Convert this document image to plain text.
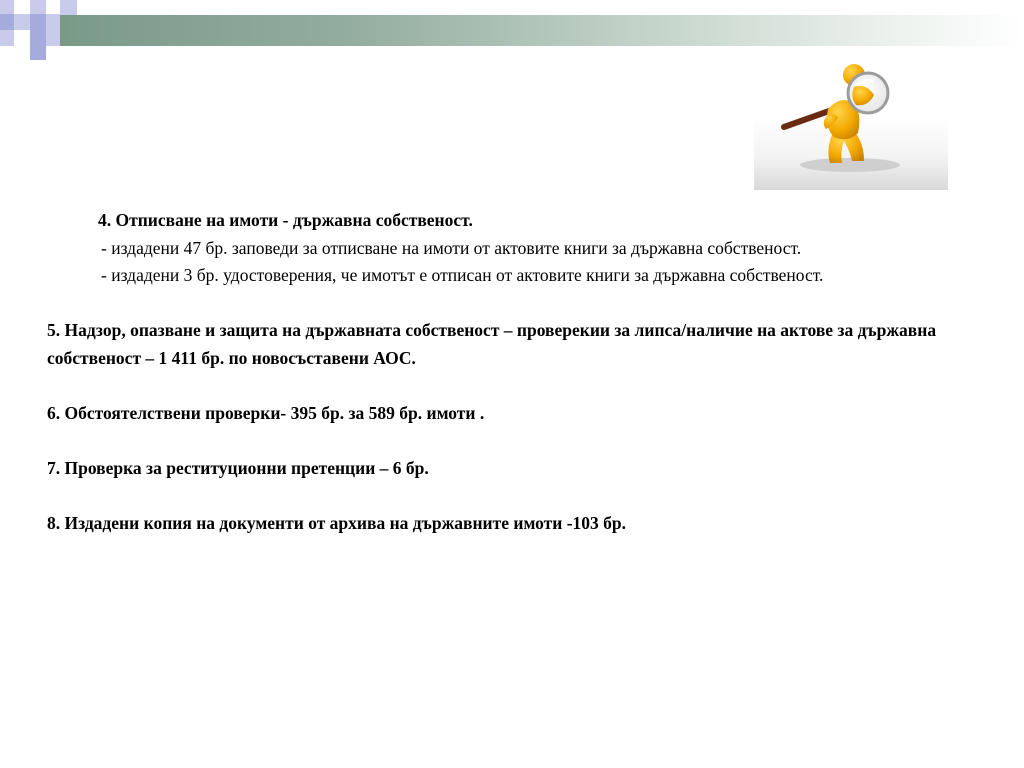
4. Отписване на имоти - държавна собственост.

- издадени 47 бр. заповеди за отписване на имоти от актовите книги за държавна собственост.

- издадени 3 бр. удостоверения, че имотът е отписан от актовите книги за държавна собственост.

5. Надзор, опазване и защита на държавната собственост – проверекии за липса/наличие на актове за държавна собственост – 1 411 бр. по новосъставени АОС.

6. Обстоятелствени проверки- 395 бр. за 589 бр. имоти .

7. Проверка за реституционни претенции – 6 бр.

8. Издадени копия на документи от архива на държавните имоти -103 бр.
